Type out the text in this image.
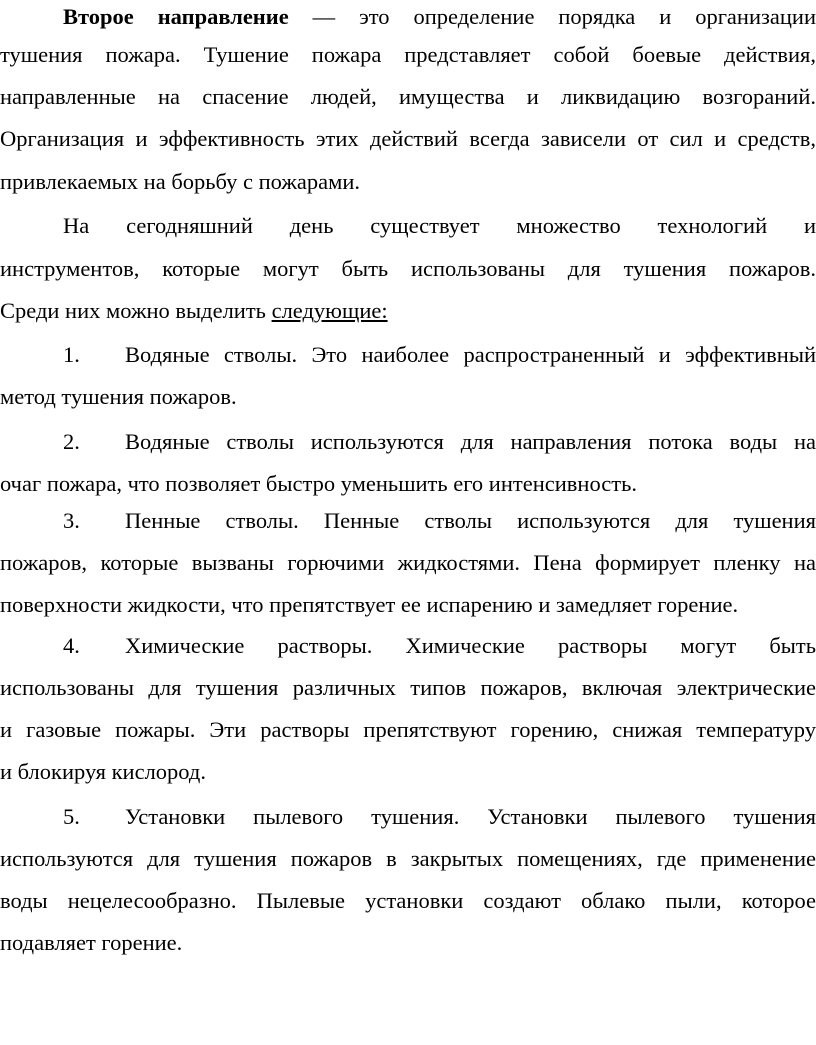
Второе направление — это определение порядка и организации

тушения пожара. Тушение пожара представляет собой боевые действия,

направленные на спасение людей, имущества и ликвидацию возгораний.

Организация и эффективность этих действий всегда зависели от сил и средств,

привлекаемых на борьбу с пожарами.

На сегодняшний день существует множество технологий и

инструментов, которые могут быть использованы для тушения пожаров.

Среди них можно выделить следующие:

1. Водяные стволы. Это наиболее распространенный и эффективный
метод тушения пожаров.
2. Водяные стволы используются для направления потока воды на
очаг пожара, что позволяет быстро уменьшить его интенсивность.
3. Пенные стволы. Пенные стволы используются для тушения
пожаров, которые вызваны горючими жидкостями. Пена формирует пленку на
поверхности жидкости, что препятствует ее испарению и замедляет горение.
4. Химические растворы. Химические растворы могут быть
использованы для тушения различных типов пожаров, включая электрические
и газовые пожары. Эти растворы препятствуют горению, снижая температуру
и блокируя кислород.
5. Установки пылевого тушения. Установки пылевого тушения
используются для тушения пожаров в закрытых помещениях, где применение
воды нецелесообразно. Пылевые установки создают облако пыли, которое
подавляет горение.
